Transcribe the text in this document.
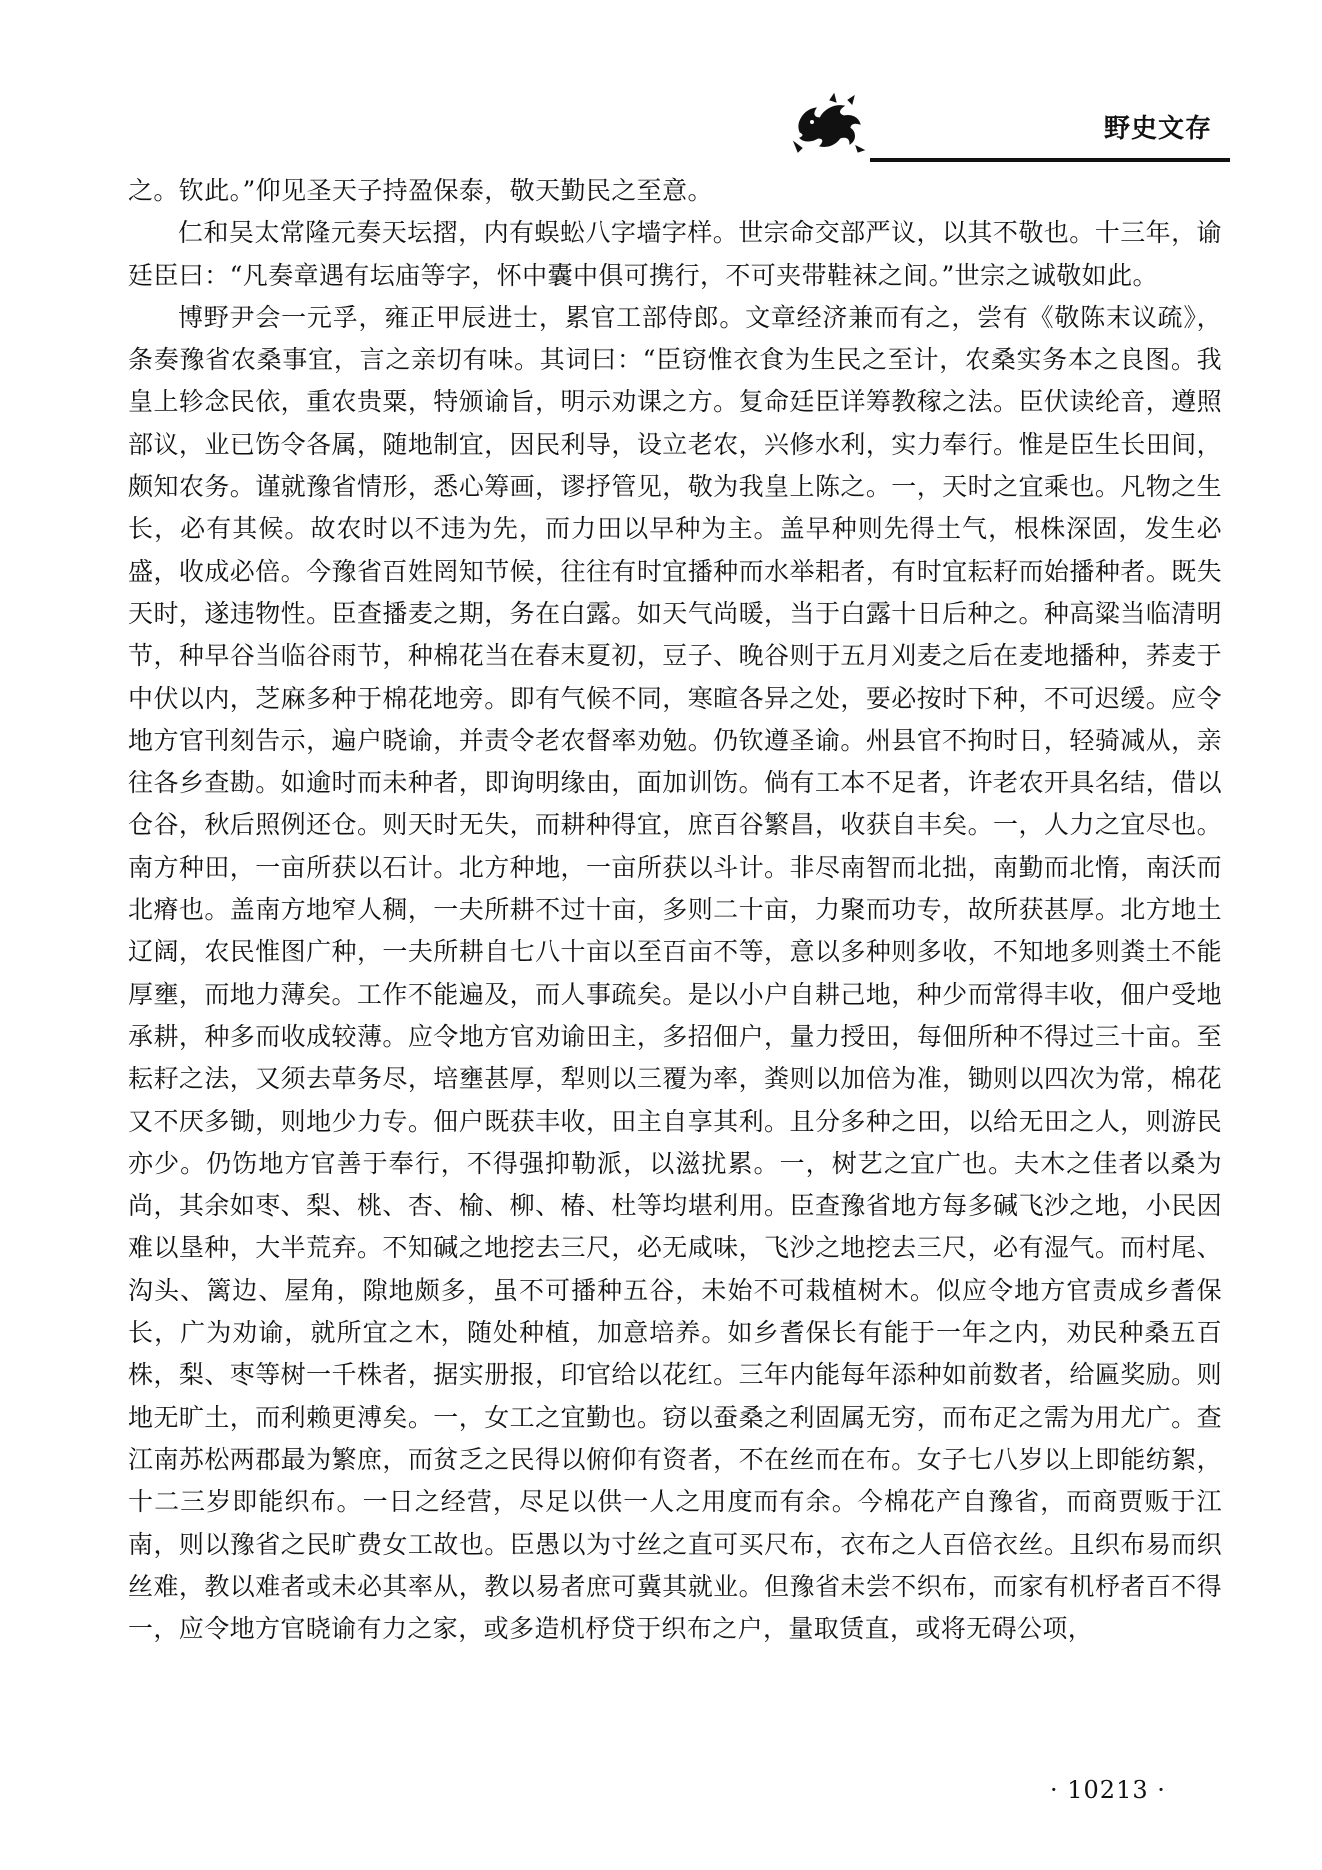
野史文存

之。钦此。”仰见圣天子持盈保泰，敬天勤民之至意。

仁和吴太常隆元奏天坛摺，内有蜈蚣八字墙字样。世宗命交部严议，以其不敬也。十三年，谕廷臣曰：“凡奏章遇有坛庙等字，怀中囊中俱可携行，不可夹带鞋袜之间。”世宗之诚敬如此。

博野尹会一元孚，雍正甲辰进士，累官工部侍郎。文章经济兼而有之，尝有《敬陈末议疏》，条奏豫省农桑事宜，言之亲切有味。其词曰：“臣窃惟衣食为生民之至计，农桑实务本之良图。我皇上轸念民依，重农贵粟，特颁谕旨，明示劝课之方。复命廷臣详筹教稼之法。臣伏读纶音，遵照部议，业已饬令各属，随地制宜，因民利导，设立老农，兴修水利，实力奉行。惟是臣生长田间，颇知农务。谨就豫省情形，悉心筹画，谬抒管见，敬为我皇上陈之。一，天时之宜乘也。凡物之生长，必有其候。故农时以不违为先，而力田以早种为主。盖早种则先得土气，根株深固，发生必盛，收成必倍。今豫省百姓罔知节候，往往有时宜播种而水举耜者，有时宜耘耔而始播种者。既失天时，遂违物性。臣查播麦之期，务在白露。如天气尚暖，当于白露十日后种之。种高粱当临清明节，种早谷当临谷雨节，种棉花当在春末夏初，豆子、晚谷则于五月刈麦之后在麦地播种，荞麦于中伏以内，芝麻多种于棉花地旁。即有气候不同，寒暄各异之处，要必按时下种，不可迟缓。应令地方官刊刻告示，遍户晓谕，并责令老农督率劝勉。仍钦遵圣谕。州县官不拘时日，轻骑减从，亲往各乡查勘。如逾时而未种者，即询明缘由，面加训饬。倘有工本不足者，许老农开具名结，借以仓谷，秋后照例还仓。则天时无失，而耕种得宜，庶百谷繁昌，收获自丰矣。一，人力之宜尽也。南方种田，一亩所获以石计。北方种地，一亩所获以斗计。非尽南智而北拙，南勤而北惰，南沃而北瘠也。盖南方地窄人稠，一夫所耕不过十亩，多则二十亩，力聚而功专，故所获甚厚。北方地土辽阔，农民惟图广种，一夫所耕自七八十亩以至百亩不等，意以多种则多收，不知地多则粪土不能厚壅，而地力薄矣。工作不能遍及，而人事疏矣。是以小户自耕己地，种少而常得丰收，佃户受地承耕，种多而收成较薄。应令地方官劝谕田主，多招佃户，量力授田，每佃所种不得过三十亩。至耘耔之法，又须去草务尽，培壅甚厚，犁则以三覆为率，粪则以加倍为准，锄则以四次为常，棉花又不厌多锄，则地少力专。佃户既获丰收，田主自享其利。且分多种之田，以给无田之人，则游民亦少。仍饬地方官善于奉行，不得强抑勒派，以滋扰累。一，树艺之宜广也。夫木之佳者以桑为尚，其余如枣、梨、桃、杏、榆、柳、椿、杜等均堪利用。臣查豫省地方每多碱飞沙之地，小民因难以垦种，大半荒弃。不知碱之地挖去三尺，必无咸味，飞沙之地挖去三尺，必有湿气。而村尾、沟头、篱边、屋角，隙地颇多，虽不可播种五谷，未始不可栽植树木。似应令地方官责成乡耆保长，广为劝谕，就所宜之木，随处种植，加意培养。如乡耆保长有能于一年之内，劝民种桑五百株，梨、枣等树一千株者，据实册报，印官给以花红。三年内能每年添种如前数者，给匾奖励。则地无旷土，而利赖更溥矣。一，女工之宜勤也。窃以蚕桑之利固属无穷，而布疋之需为用尤广。查江南苏松两郡最为繁庶，而贫乏之民得以俯仰有资者，不在丝而在布。女子七八岁以上即能纺絮，十二三岁即能织布。一日之经营，尽足以供一人之用度而有余。今棉花产自豫省，而商贾贩于江南，则以豫省之民旷费女工故也。臣愚以为寸丝之直可买尺布，衣布之人百倍衣丝。且织布易而织丝难，教以难者或未必其率从，教以易者庶可冀其就业。但豫省未尝不织布，而家有机杼者百不得一，应令地方官晓谕有力之家，或多造机杼贷于织布之户，量取赁直，或将无碍公项，

· 10213 ·
